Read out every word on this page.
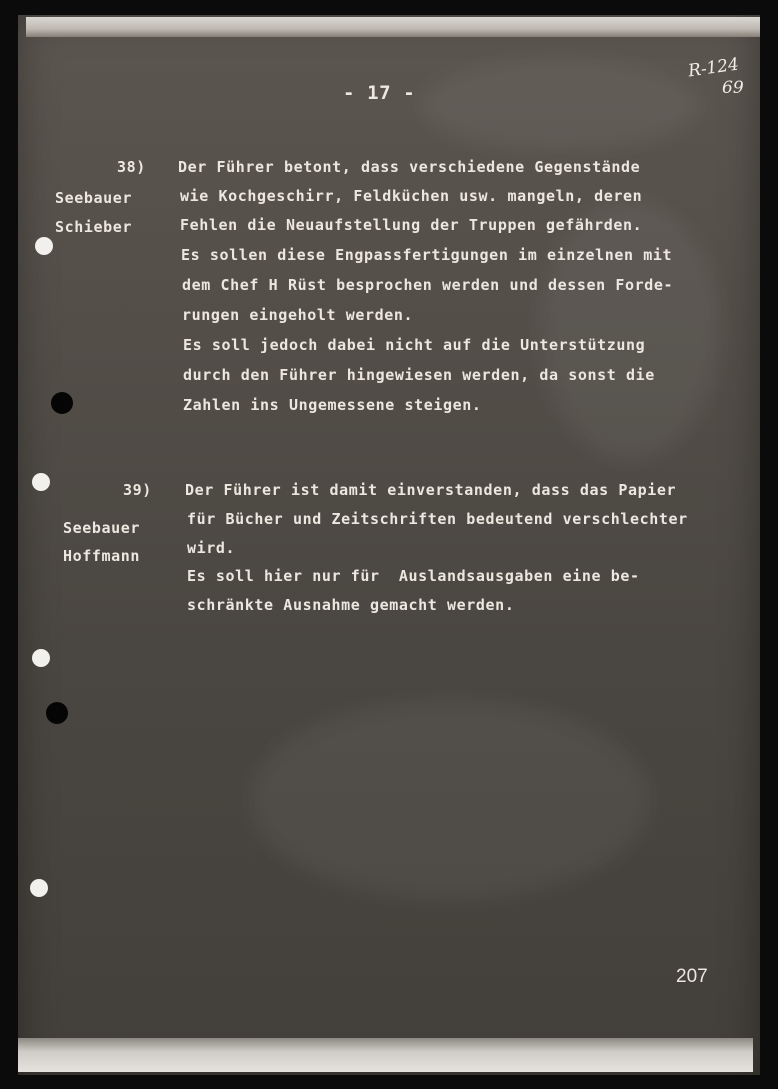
- 17 -
R-124
69
38)
Seebauer
Schieber
Der Führer betont, dass verschiedene Gegenstände
wie Kochgeschirr, Feldküchen usw. mangeln, deren
Fehlen die Neuaufstellung der Truppen gefährden.
Es sollen diese Engpassfertigungen im einzelnen mit
dem Chef H Rüst besprochen werden und dessen Forde-
rungen eingeholt werden.
Es soll jedoch dabei nicht auf die Unterstützung
durch den Führer hingewiesen werden, da sonst die
Zahlen ins Ungemessene steigen.
39)
Seebauer
Hoffmann
Der Führer ist damit einverstanden, dass das Papier
für Bücher und Zeitschriften bedeutend verschlechter
wird.
Es soll hier nur für  Auslandsausgaben eine be-
schränkte Ausnahme gemacht werden.
207
